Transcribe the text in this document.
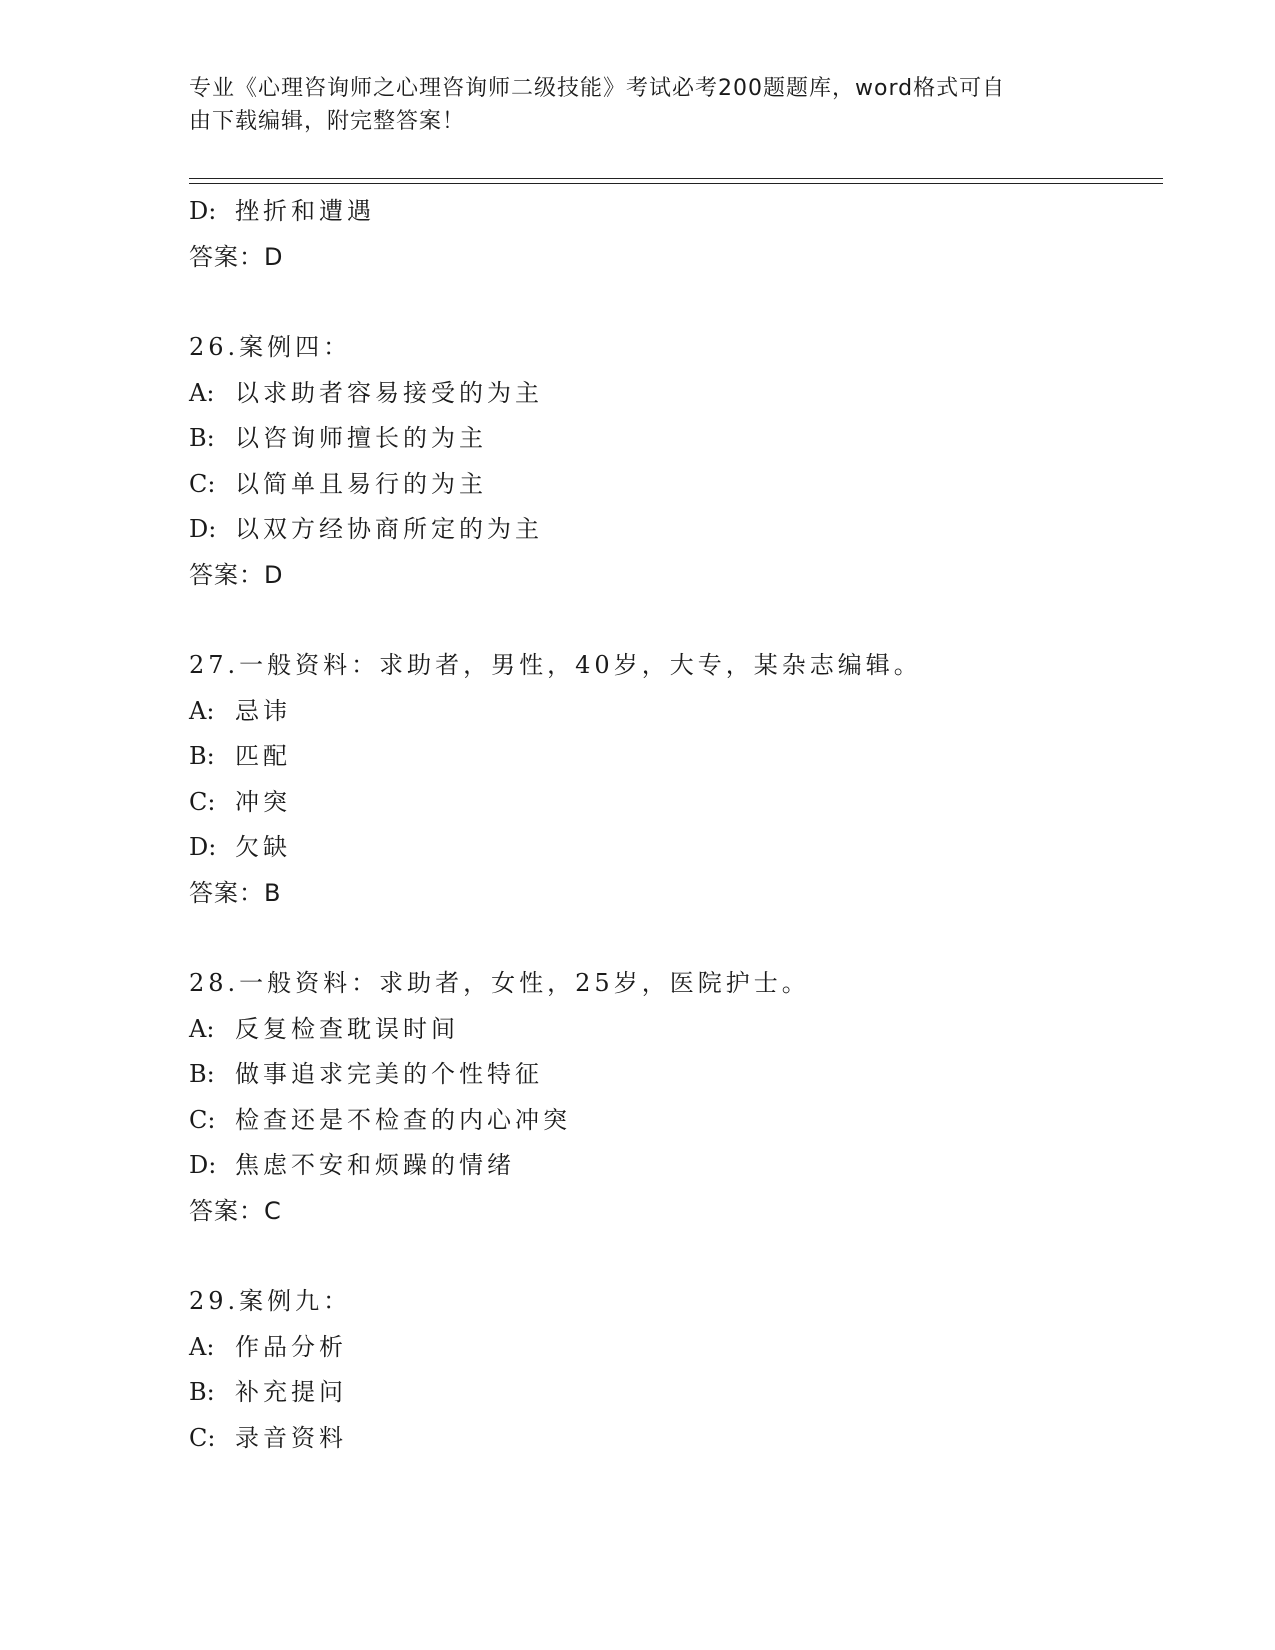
专业《心理咨询师之心理咨询师二级技能》考试必考200题题库，word格式可自
由下载编辑，附完整答案！
D: 挫折和遭遇
答案：D
26.案例四：
A: 以求助者容易接受的为主
B: 以咨询师擅长的为主
C: 以简单且易行的为主
D: 以双方经协商所定的为主
答案：D
27.一般资料：求助者，男性，40岁，大专，某杂志编辑。
A: 忌讳
B: 匹配
C: 冲突
D: 欠缺
答案：B
28.一般资料：求助者，女性，25岁，医院护士。
A: 反复检查耽误时间
B: 做事追求完美的个性特征
C: 检查还是不检查的内心冲突
D: 焦虑不安和烦躁的情绪
答案：C
29.案例九：
A: 作品分析
B: 补充提问
C: 录音资料
